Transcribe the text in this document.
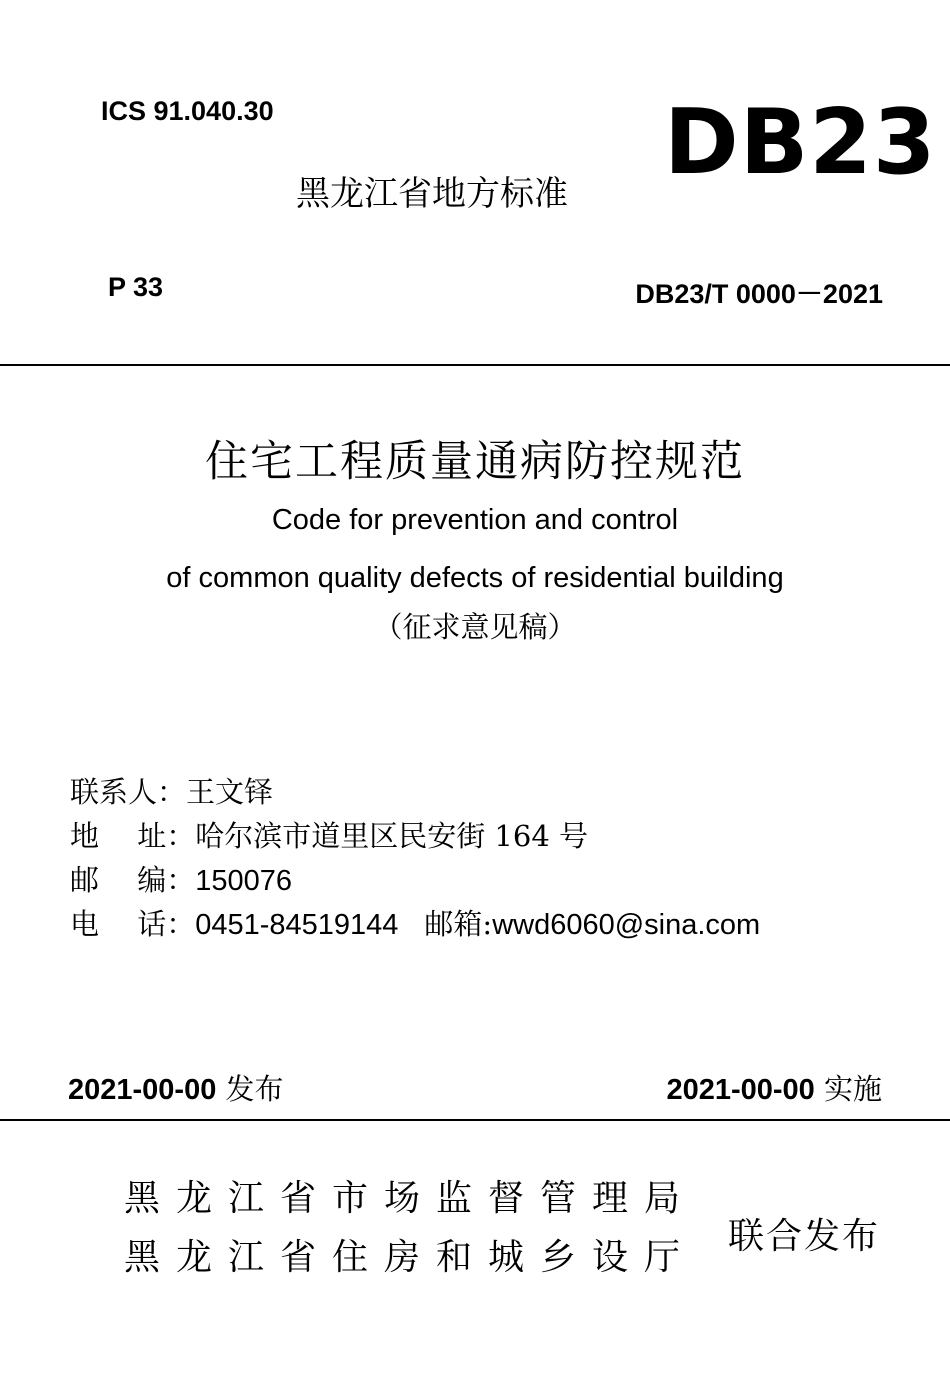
ICS 91.040.30	DB23
黑龙江省地方标准
P 33	DB23/T 0000－2021
住宅工程质量通病防控规范
Code for prevention and control
of common quality defects of residential building
（征求意见稿）
联系人：王文铎
地　 址：哈尔滨市道里区民安街 164 号
邮　 编：150076
电　 话：0451-84519144 邮箱:wwd6060@sina.com
2021-00-00 发布	2021-00-00 实施
黑龙江省市场监督管理局
黑龙江省住房和城乡设厅
联合发布
